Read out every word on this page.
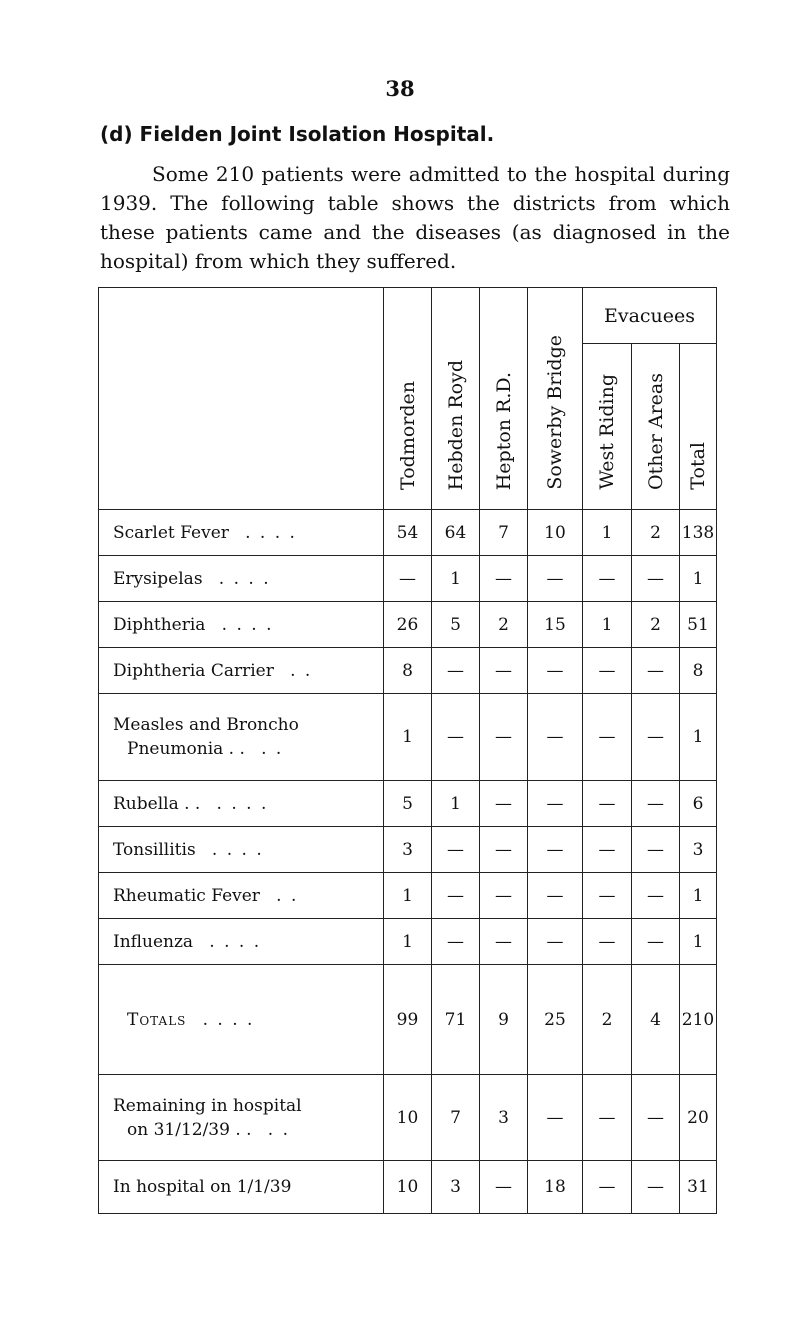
38
(d) Fielden Joint Isolation Hospital.

Some 210 patients were admitted to the hospital during 1939. The following table shows the districts from which these patients came and the diseases (as diagnosed in the hospital) from which they suffered.

	Todmorden	Hebden Royd	Hepton R.D.	Sowerby Bridge	Evacuees		
					West Riding	Other Areas	Total
Scarlet Fever . . . .	54	64	7	10	1	2	138
Erysipelas . . . .	—	1	—	—	—	—	1
Diphtheria . . . .	26	5	2	15	1	2	51
Diphtheria Carrier . .	8	—	—	—	—	—	8

Measles and Broncho
Pneumonia . . . .	1	—	—	—	—	—	1
Rubella . . . . . .	5	1	—	—	—	—	6
Tonsillitis . . . .	3	—	—	—	—	—	3
Rheumatic Fever . .	1	—	—	—	—	—	1
Influenza . . . .	1	—	—	—	—	—	1
Totals . . . .	99	71	9	25	2	4	210

Remaining in hospital
on 31/12/39 . . . .	10	7	3	—	—	—	20
In hospital on 1/1/39	10	3	—	18	—	—	31
